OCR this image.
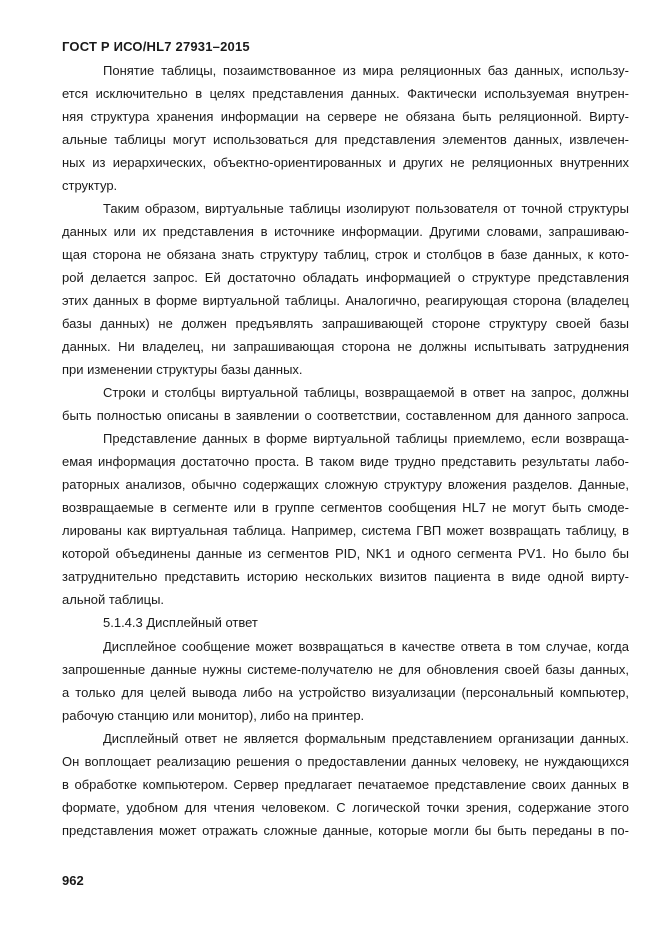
ГОСТ Р ИСО/HL7 27931–2015
Понятие таблицы, позаимствованное из мира реляционных баз данных, использу-
ется исключительно в целях представления данных. Фактически используемая внутрен-
няя структура хранения информации на сервере не обязана быть реляционной. Вирту-
альные таблицы могут использоваться для представления элементов данных, извлечен-
ных из иерархических, объектно-ориентированных и других не реляционных внутренних
структур.
Таким образом, виртуальные таблицы изолируют пользователя от точной структуры
данных или их представления в источнике информации. Другими словами, запрашиваю-
щая сторона не обязана знать структуру таблиц, строк и столбцов в базе данных, к кото-
рой делается запрос. Ей достаточно обладать информацией о структуре представления
этих данных в форме виртуальной таблицы. Аналогично, реагирующая сторона (владелец
базы данных) не должен предъявлять запрашивающей стороне структуру своей базы
данных. Ни владелец, ни запрашивающая сторона не должны испытывать затруднения
при изменении структуры базы данных.
Строки и столбцы виртуальной таблицы, возвращаемой в ответ на запрос, должны
быть полностью описаны в заявлении о соответствии, составленном для данного запроса.
Представление данных в форме виртуальной таблицы приемлемо, если возвраща-
емая информация достаточно проста. В таком виде трудно представить результаты лабо-
раторных анализов, обычно содержащих сложную структуру вложения разделов. Данные,
возвращаемые в сегменте или в группе сегментов сообщения HL7 не могут быть смоде-
лированы как виртуальная таблица. Например, система ГВП может возвращать таблицу, в
которой объединены данные из сегментов PID, NK1 и одного сегмента PV1. Но было бы
затруднительно представить историю нескольких визитов пациента в виде одной вирту-
альной таблицы.
5.1.4.3 Дисплейный ответ
Дисплейное сообщение может возвращаться в качестве ответа в том случае, когда
запрошенные данные нужны системе-получателю не для обновления своей базы данных,
а только для целей вывода либо на устройство визуализации (персональный компьютер,
рабочую станцию или монитор), либо на принтер.
Дисплейный ответ не является формальным представлением организации данных.
Он воплощает реализацию решения о предоставлении данных человеку, не нуждающихся
в обработке компьютером. Сервер предлагает печатаемое представление своих данных в
формате, удобном для чтения человеком. С логической точки зрения, содержание этого
представления может отражать сложные данные, которые могли бы быть переданы в по-
962
